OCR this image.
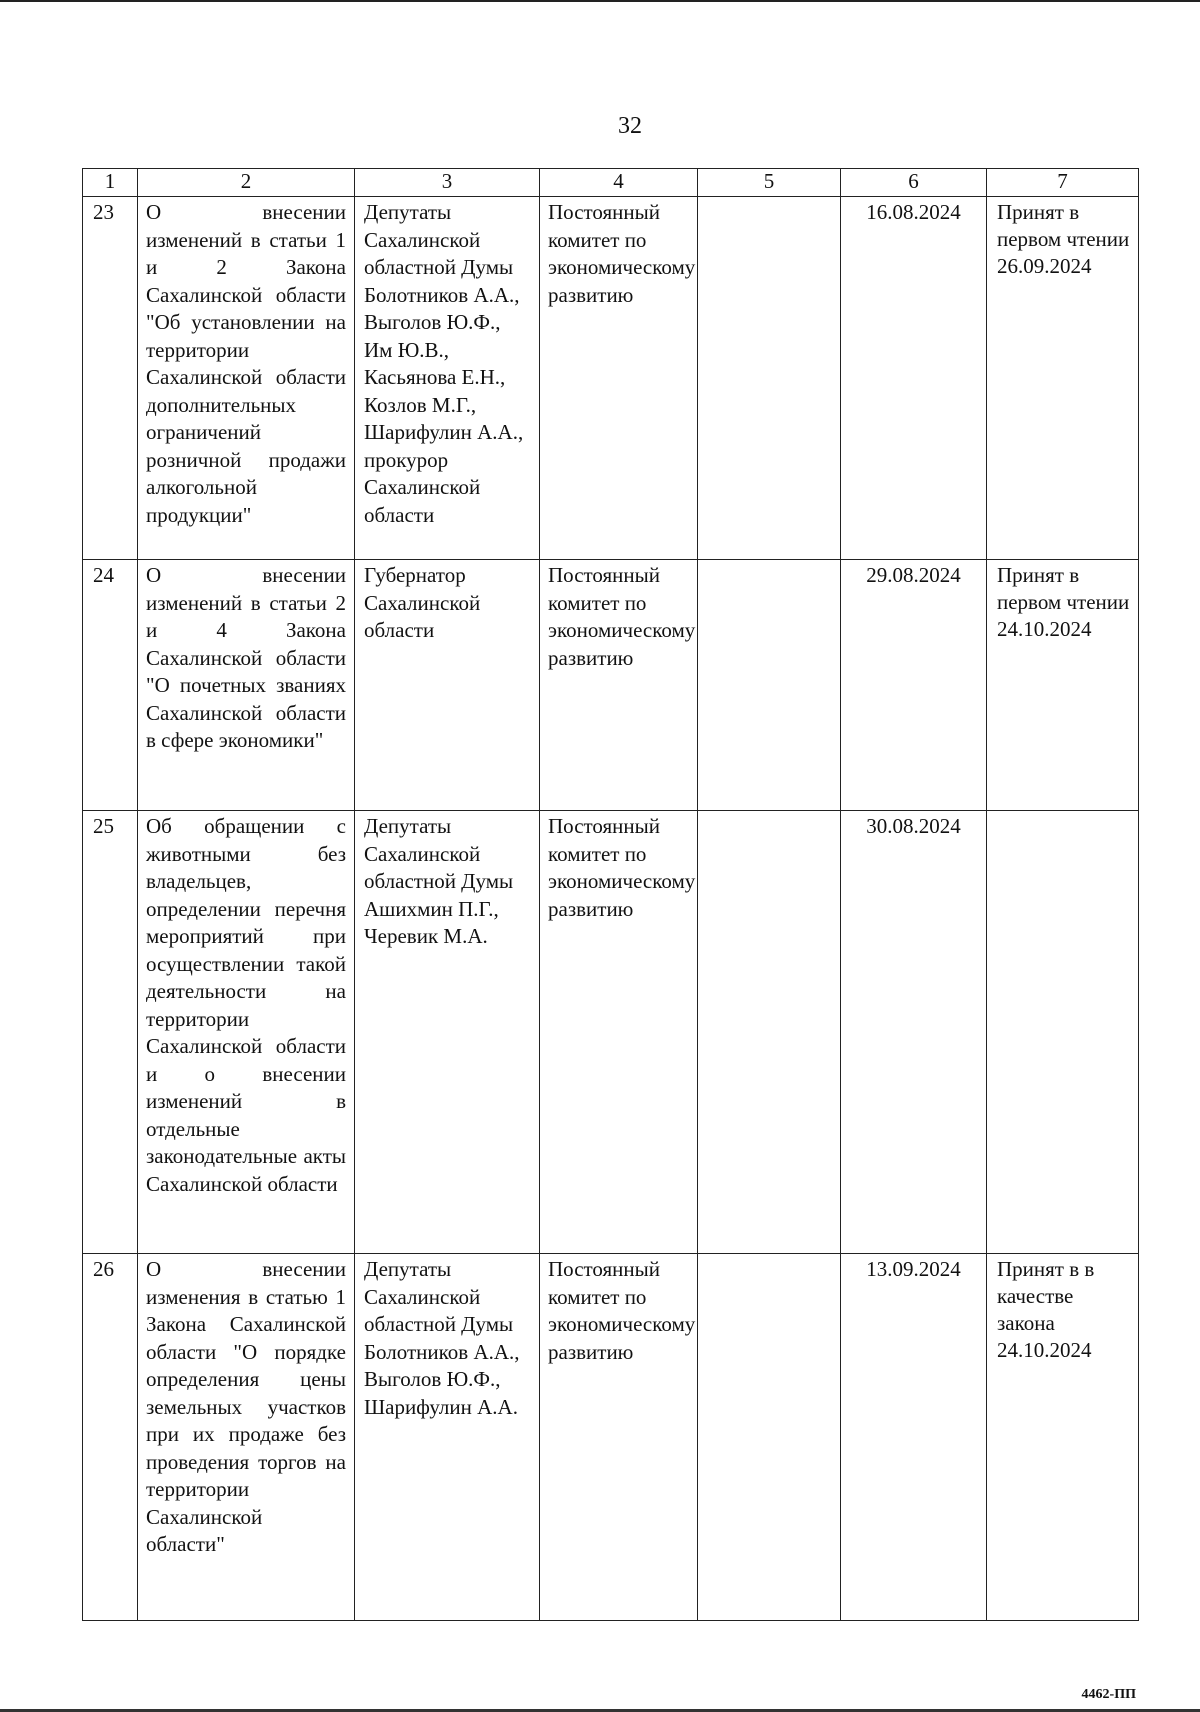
32
1	2	3	4	5	6	7
23	О внесении изменений в статьи 1 и 2 Закона Сахалинской области "Об установлении на территории Сахалинской области дополнительных ограничений розничной продажи алкогольной продукции"	Депутаты Сахалинской областной Думы Болотников А.А., Выголов Ю.Ф., Им Ю.В., Касьянова Е.Н., Козлов М.Г., Шарифулин А.А., прокурор Сахалинской области	Постоянный комитет по экономическому развитию		16.08.2024	Принят в первом чтении 26.09.2024
24	О внесении изменений в статьи 2 и 4 Закона Сахалинской области "О почетных званиях Сахалинской области в сфере экономики"	Губернатор Сахалинской области	Постоянный комитет по экономическому развитию		29.08.2024	Принят в первом чтении 24.10.2024
25	Об обращении с животными без владельцев, определении перечня мероприятий при осуществлении такой деятельности на территории Сахалинской области и о внесении изменений в отдельные законодательные акты Сахалинской области	Депутаты Сахалинской областной Думы Ашихмин П.Г., Черевик М.А.	Постоянный комитет по экономическому развитию		30.08.2024	
26	О внесении изменения в статью 1 Закона Сахалинской области "О порядке определения цены земельных участков при их продаже без проведения торгов на территории Сахалинской области"	Депутаты Сахалинской областной Думы Болотников А.А., Выголов Ю.Ф., Шарифулин А.А.	Постоянный комитет по экономическому развитию		13.09.2024	Принят в в качестве закона 24.10.2024
4462-ПП
